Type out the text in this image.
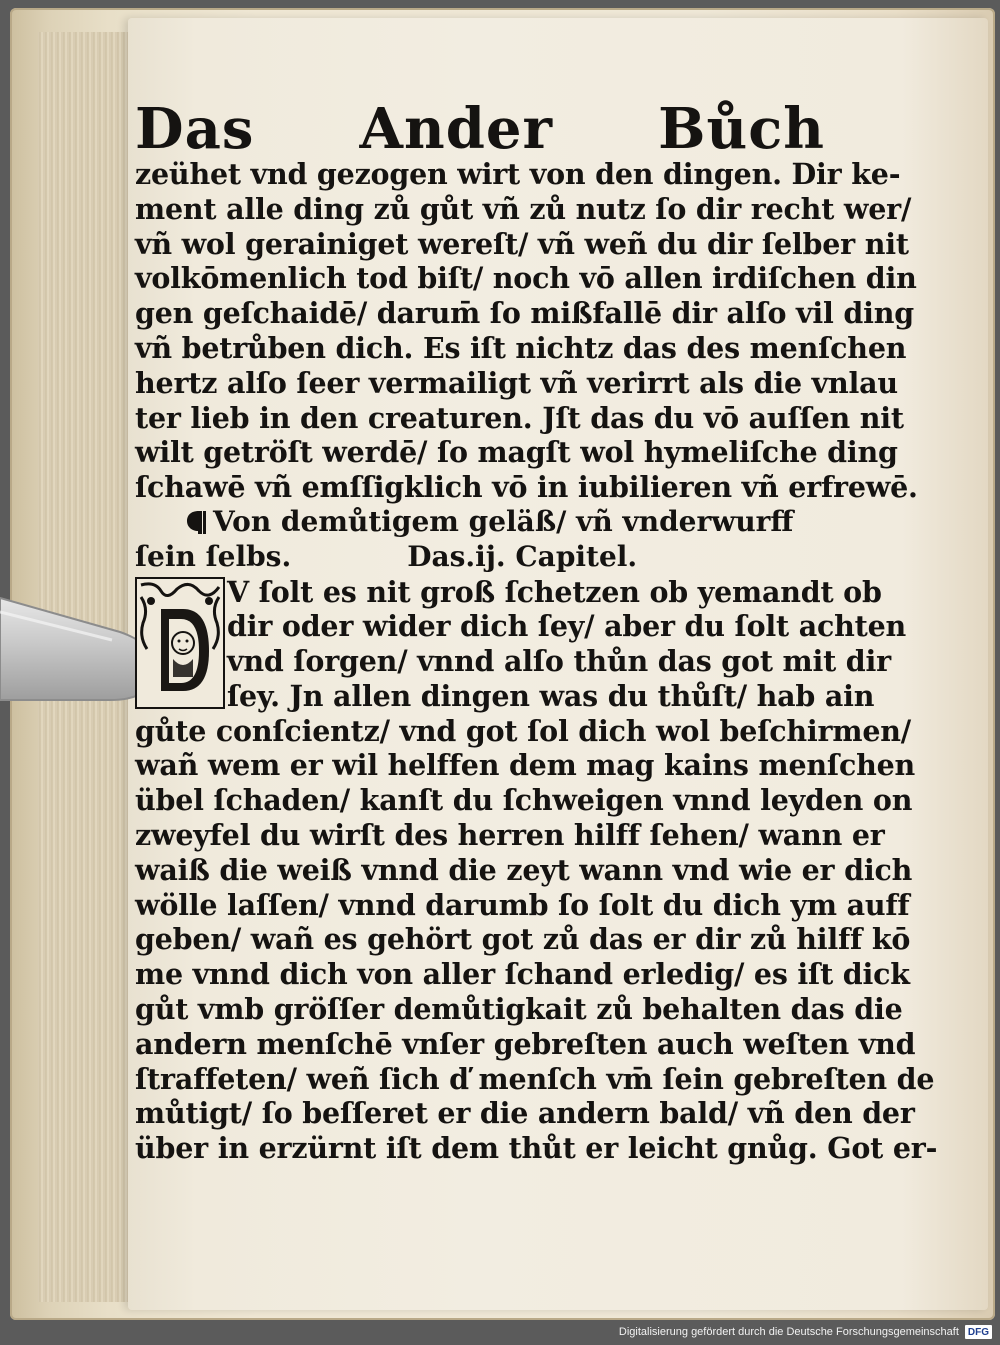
Das Ander Bůch
zeühet vnd gezogen wirt von den dingen. Dir ke-
ment alle ding zů gůt vñ zů nutz ſo dir recht wer/
vñ wol gerainiget wereſt/ vñ weñ du dir ſelber nit
volkōmenlich tod biſt/ noch vō allen irdiſchen din
gen geſchaidē/ darum̄ ſo mißfallē dir alſo vil ding
vñ betrůben dich. Es iſt nichtz das des menſchen
hertz alſo ſeer vermailigt vñ verirrt als die vnlau
ter lieb in den creaturen. Jſt das du vō auſſen nit
wilt getröſt werdē/ ſo magſt wol hymeliſche ding
ſchawē vñ emſſigklich vō in iubilieren vñ erfrewē.
Von demůtigem geläß/ vñ vnderwurff
ſein ſelbs.	Das.ij. Capitel.
D
V ſolt es nit groß ſchetzen ob yemandt ob
dir oder wider dich ſey/ aber du ſolt achten
vnd ſorgen/ vnnd alſo thůn das got mit dir
ſey. Jn allen dingen was du thůſt/ hab ain
gůte conſcientz/ vnd got ſol dich wol beſchirmen/
wañ wem er wil helffen dem mag kains menſchen
übel ſchaden/ kanſt du ſchweigen vnnd leyden on
zweyfel du wirſt des herren hilff ſehen/ wann er
waiß die weiß vnnd die zeyt wann vnd wie er dich
wölle laſſen/ vnnd darumb ſo ſolt du dich ym auff
geben/ wañ es gehört got zů das er dir zů hilff kō
me vnnd dich von aller ſchand erledig/ es iſt dick
gůt vmb gröſſer demůtigkait zů behalten das die
andern menſchē vnſer gebreſten auch weſten vnd
ſtraffeten/ weñ ſich ď menſch vm̄ ſein gebreſten de
můtigt/ ſo beſſeret er die andern bald/ vñ den der
über in erzürnt iſt dem thůt er leicht gnůg. Got er-
Digitalisierung gefördert durch die Deutsche Forschungsgemeinschaft DFG
